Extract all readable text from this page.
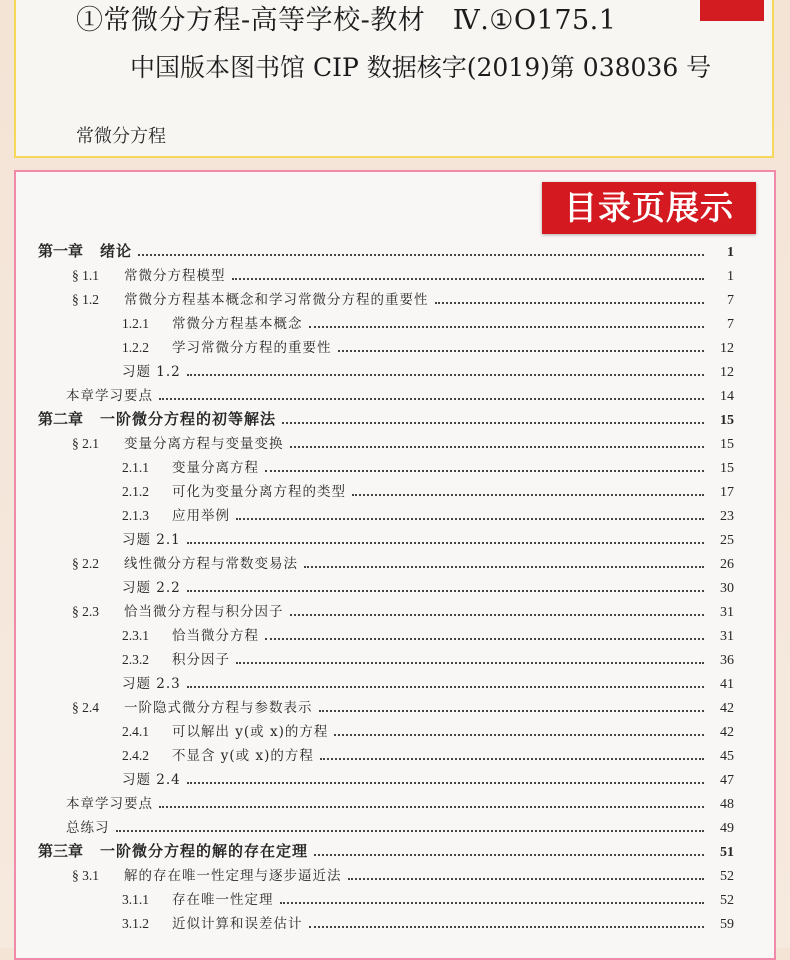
①常微分方程-高等学校-教材　Ⅳ.①O175.1
中国版本图书馆 CIP 数据核字(2019)第 038036 号
常微分方程
目录页展示
第一章	绪论	1
§ 1.1	常微分方程模型	1
§ 1.2	常微分方程基本概念和学习常微分方程的重要性	7
1.2.1	常微分方程基本概念	7
1.2.2	学习常微分方程的重要性	12
习题 1.2	12
本章学习要点	14
第二章	一阶微分方程的初等解法	15
§ 2.1	变量分离方程与变量变换	15
2.1.1	变量分离方程	15
2.1.2	可化为变量分离方程的类型	17
2.1.3	应用举例	23
习题 2.1	25
§ 2.2	线性微分方程与常数变易法	26
习题 2.2	30
§ 2.3	恰当微分方程与积分因子	31
2.3.1	恰当微分方程	31
2.3.2	积分因子	36
习题 2.3	41
§ 2.4	一阶隐式微分方程与参数表示	42
2.4.1	可以解出 y(或 x)的方程	42
2.4.2	不显含 y(或 x)的方程	45
习题 2.4	47
本章学习要点	48
总练习	49
第三章	一阶微分方程的解的存在定理	51
§ 3.1	解的存在唯一性定理与逐步逼近法	52
3.1.1	存在唯一性定理	52
3.1.2	近似计算和误差估计	59
